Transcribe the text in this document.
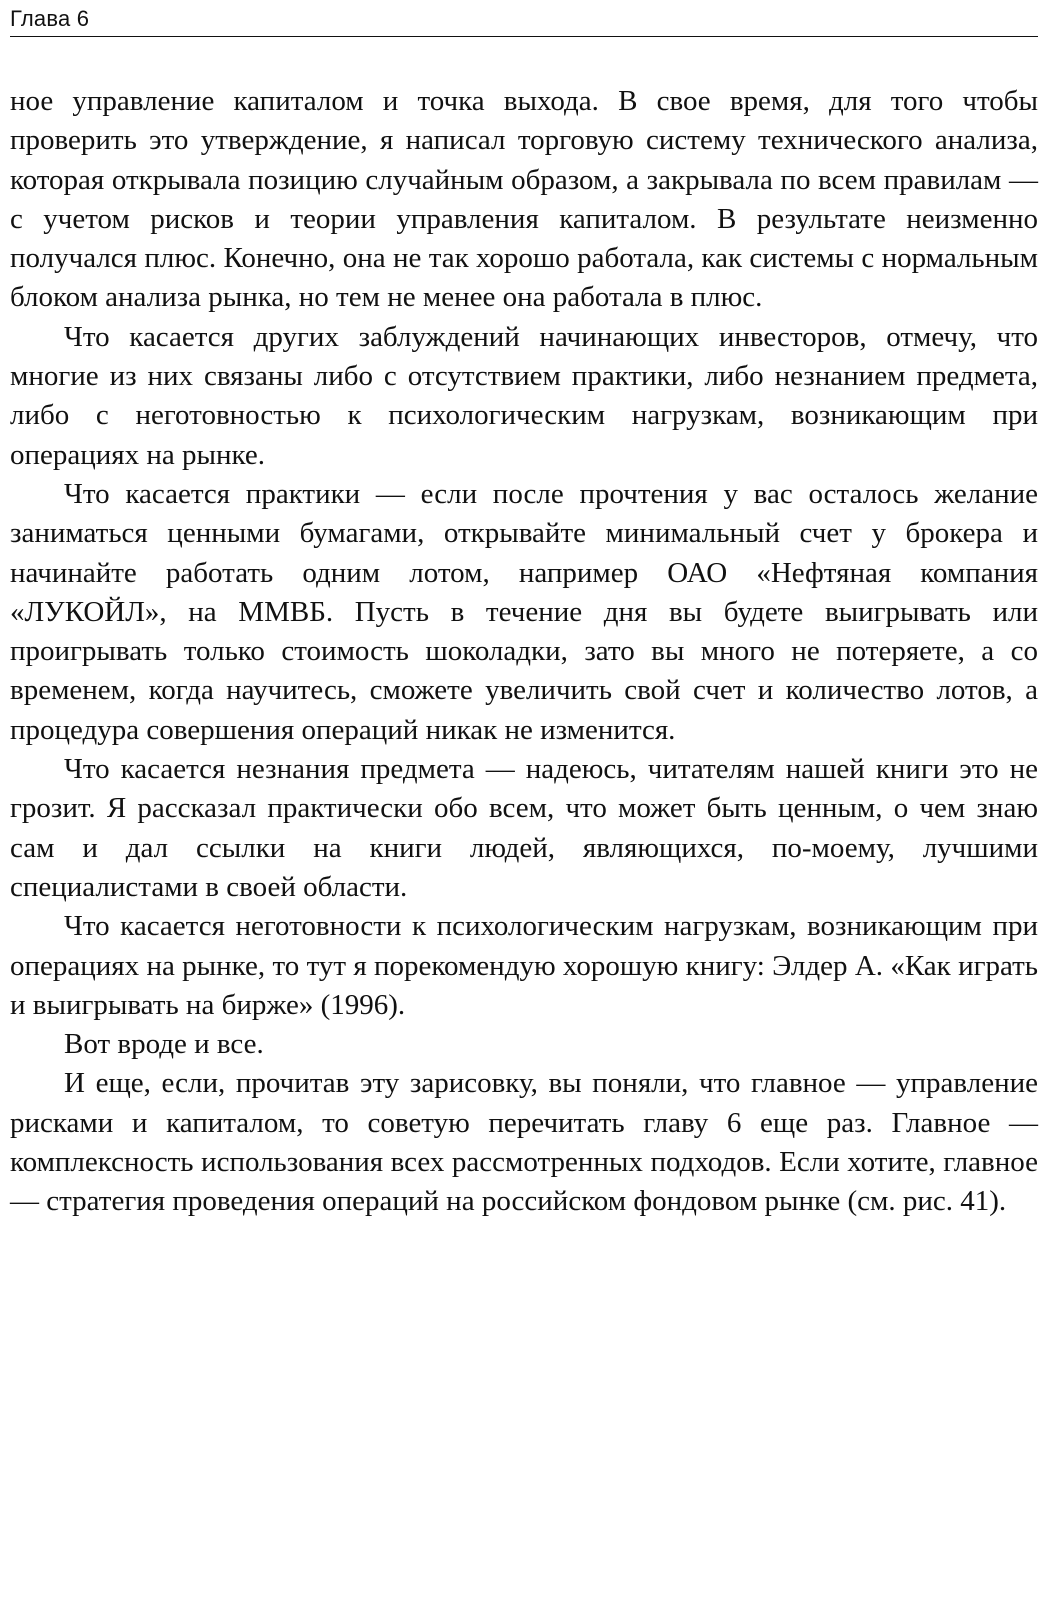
Глава 6

ное управление капиталом и точка выхода. В свое время, для того чтобы проверить это утверждение, я написал торговую систему технического анализа, которая открывала позицию случайным образом, а закрывала по всем правилам — с учетом рисков и теории управления капиталом. В результате неизменно получался плюс. Конечно, она не так хорошо работала, как системы с нормальным блоком анализа рынка, но тем не менее она работала в плюс.

Что касается других заблуждений начинающих инвесторов, отмечу, что многие из них связаны либо с отсутствием практики, либо незнанием предмета, либо с неготовностью к психологическим нагрузкам, возникающим при операциях на рынке.

Что касается практики — если после прочтения у вас осталось желание заниматься ценными бумагами, открывайте минимальный счет у брокера и начинайте работать одним лотом, например ОАО «Нефтяная компания «ЛУКОЙЛ», на ММВБ. Пусть в течение дня вы будете выигрывать или проигрывать только стоимость шоколадки, зато вы много не потеряете, а со временем, когда научитесь, сможете увеличить свой счет и количество лотов, а процедура совершения операций никак не изменится.

Что касается незнания предмета — надеюсь, читателям нашей книги это не грозит. Я рассказал практически обо всем, что может быть ценным, о чем знаю сам и дал ссылки на книги людей, являющихся, по-моему, лучшими специалистами в своей области.

Что касается неготовности к психологическим нагрузкам, возникающим при операциях на рынке, то тут я порекомендую хорошую книгу: Элдер А. «Как играть и выигрывать на бирже» (1996).

Вот вроде и все.

И еще, если, прочитав эту зарисовку, вы поняли, что главное — управление рисками и капиталом, то советую перечитать главу 6 еще раз. Главное — комплексность использования всех рассмотренных подходов. Если хотите, главное — стратегия проведения операций на российском фондовом рынке (см. рис. 41).
